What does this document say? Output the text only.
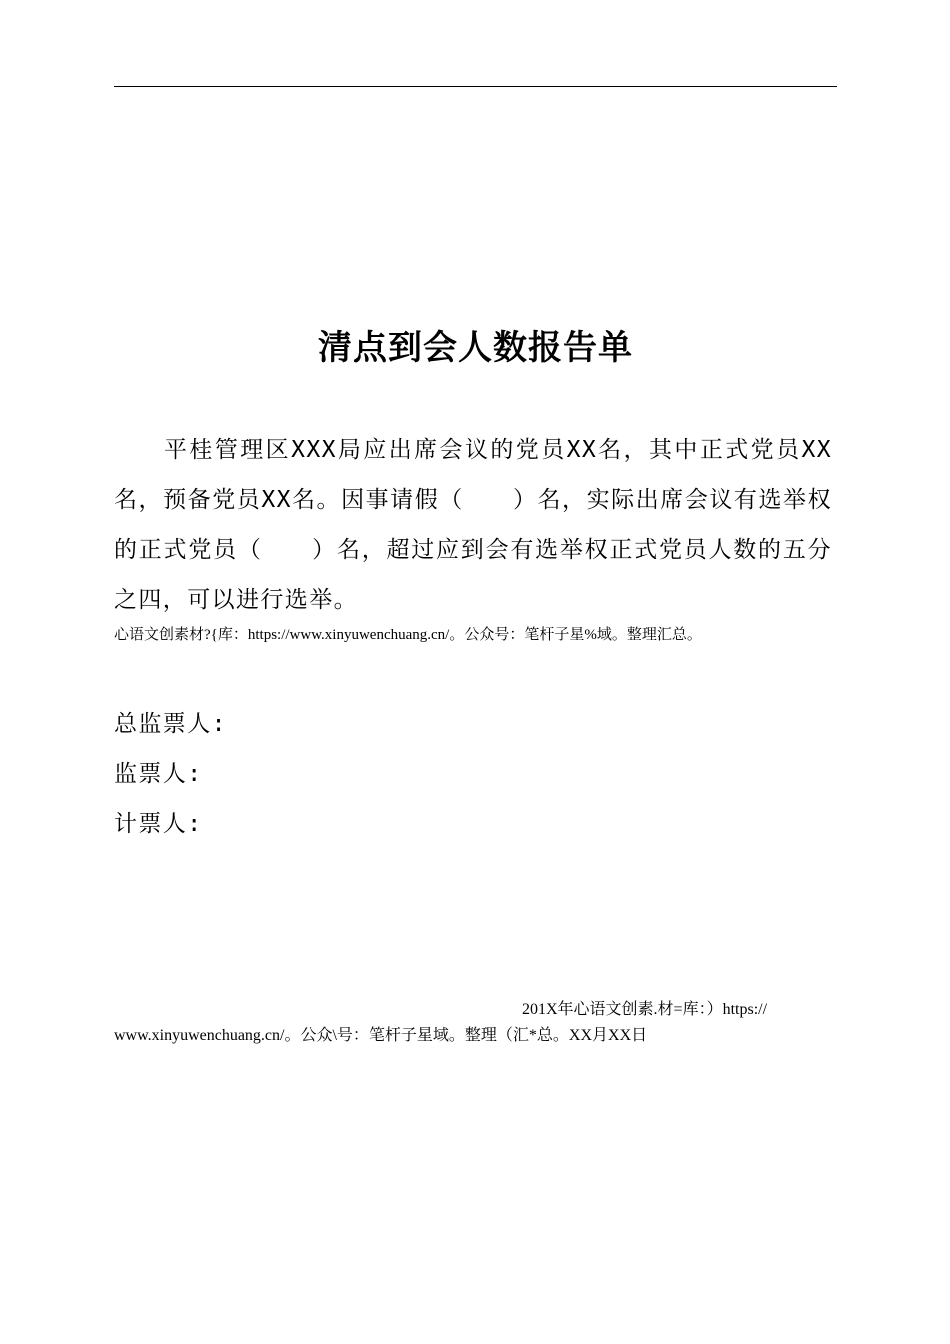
清点到会人数报告单

平桂管理区XXX局应出席会议的党员XX名，其中正式党员XX名，预备党员XX名。因事请假（　　）名，实际出席会议有选举权的正式党员（　　）名，超过应到会有选举权正式党员人数的五分之四，可以进行选举。

心语文创素材?{库：https://www.xinyuwenchuang.cn/。公众号：笔杆子星%域。整理汇总。

总监票人:

监票人:

计票人:

201X年心语文创素.材=库：）https://
www.xinyuwenchuang.cn/。公众\号：笔杆子星域。整理（汇*总。XX月XX日
